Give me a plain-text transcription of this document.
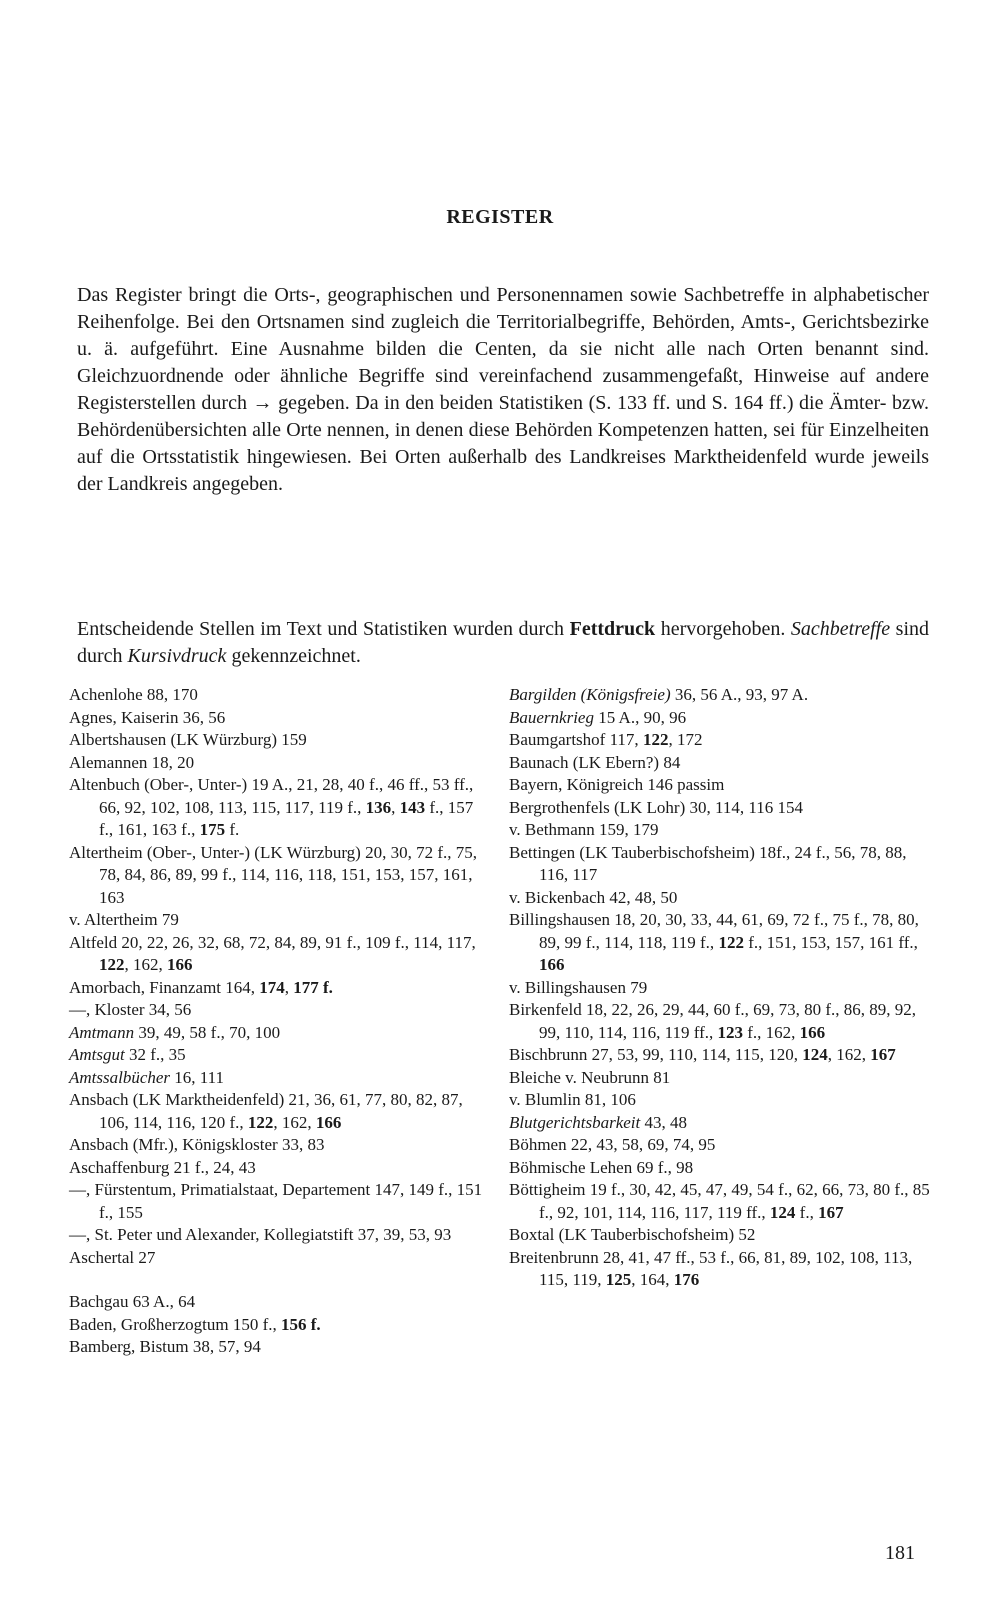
REGISTER

Das Register bringt die Orts-, geographischen und Personennamen sowie Sachbetreffe in alphabetischer Reihenfolge. Bei den Ortsnamen sind zugleich die Territorialbegriffe, Behörden, Amts-, Gerichtsbezirke u. ä. aufgeführt. Eine Ausnahme bilden die Centen, da sie nicht alle nach Orten benannt sind. Gleichzuordnende oder ähnliche Begriffe sind vereinfachend zusammengefaßt, Hinweise auf andere Registerstellen durch → gegeben. Da in den beiden Statistiken (S. 133 ff. und S. 164 ff.) die Ämter- bzw. Behördenübersichten alle Orte nennen, in denen diese Behörden Kompetenzen hatten, sei für Einzelheiten auf die Ortsstatistik hingewiesen. Bei Orten außerhalb des Landkreises Marktheidenfeld wurde jeweils der Landkreis angegeben.

Entscheidende Stellen im Text und Statistiken wurden durch Fettdruck hervorgehoben. Sachbetreffe sind durch Kursivdruck gekennzeichnet.

Achenlohe 88, 170
Agnes, Kaiserin 36, 56
Albertshausen (LK Würzburg) 159
Alemannen 18, 20
Altenbuch (Ober-, Unter-) 19 A., 21, 28, 40 f., 46 ff., 53 ff., 66, 92, 102, 108, 113, 115, 117, 119 f., 136, 143 f., 157 f., 161, 163 f., 175 f.
Altertheim (Ober-, Unter-) (LK Würzburg) 20, 30, 72 f., 75, 78, 84, 86, 89, 99 f., 114, 116, 118, 151, 153, 157, 161, 163
v. Altertheim 79
Altfeld 20, 22, 26, 32, 68, 72, 84, 89, 91 f., 109 f., 114, 117, 122, 162, 166
Amorbach, Finanzamt 164, 174, 177 f.
—, Kloster 34, 56
Amtmann 39, 49, 58 f., 70, 100
Amtsgut 32 f., 35
Amtssalbücher 16, 111
Ansbach (LK Marktheidenfeld) 21, 36, 61, 77, 80, 82, 87, 106, 114, 116, 120 f., 122, 162, 166
Ansbach (Mfr.), Königskloster 33, 83
Aschaffenburg 21 f., 24, 43
—, Fürstentum, Primatialstaat, Departement 147, 149 f., 151 f., 155
—, St. Peter und Alexander, Kollegiatstift 37, 39, 53, 93
Aschertal 27
Bachgau 63 A., 64
Baden, Großherzogtum 150 f., 156 f.
Bamberg, Bistum 38, 57, 94
Bargilden (Königsfreie) 36, 56 A., 93, 97 A.
Bauernkrieg 15 A., 90, 96
Baumgartshof 117, 122, 172
Baunach (LK Ebern?) 84
Bayern, Königreich 146 passim
Bergrothenfels (LK Lohr) 30, 114, 116 154
v. Bethmann 159, 179
Bettingen (LK Tauberbischofsheim) 18f., 24 f., 56, 78, 88, 116, 117
v. Bickenbach 42, 48, 50
Billingshausen 18, 20, 30, 33, 44, 61, 69, 72 f., 75 f., 78, 80, 89, 99 f., 114, 118, 119 f., 122 f., 151, 153, 157, 161 ff., 166
v. Billingshausen 79
Birkenfeld 18, 22, 26, 29, 44, 60 f., 69, 73, 80 f., 86, 89, 92, 99, 110, 114, 116, 119 ff., 123 f., 162, 166
Bischbrunn 27, 53, 99, 110, 114, 115, 120, 124, 162, 167
Bleiche v. Neubrunn 81
v. Blumlin 81, 106
Blutgerichtsbarkeit 43, 48
Böhmen 22, 43, 58, 69, 74, 95
Böhmische Lehen 69 f., 98
Böttigheim 19 f., 30, 42, 45, 47, 49, 54 f., 62, 66, 73, 80 f., 85 f., 92, 101, 114, 116, 117, 119 ff., 124 f., 167
Boxtal (LK Tauberbischofsheim) 52
Breitenbrunn 28, 41, 47 ff., 53 f., 66, 81, 89, 102, 108, 113, 115, 119, 125, 164, 176
181
